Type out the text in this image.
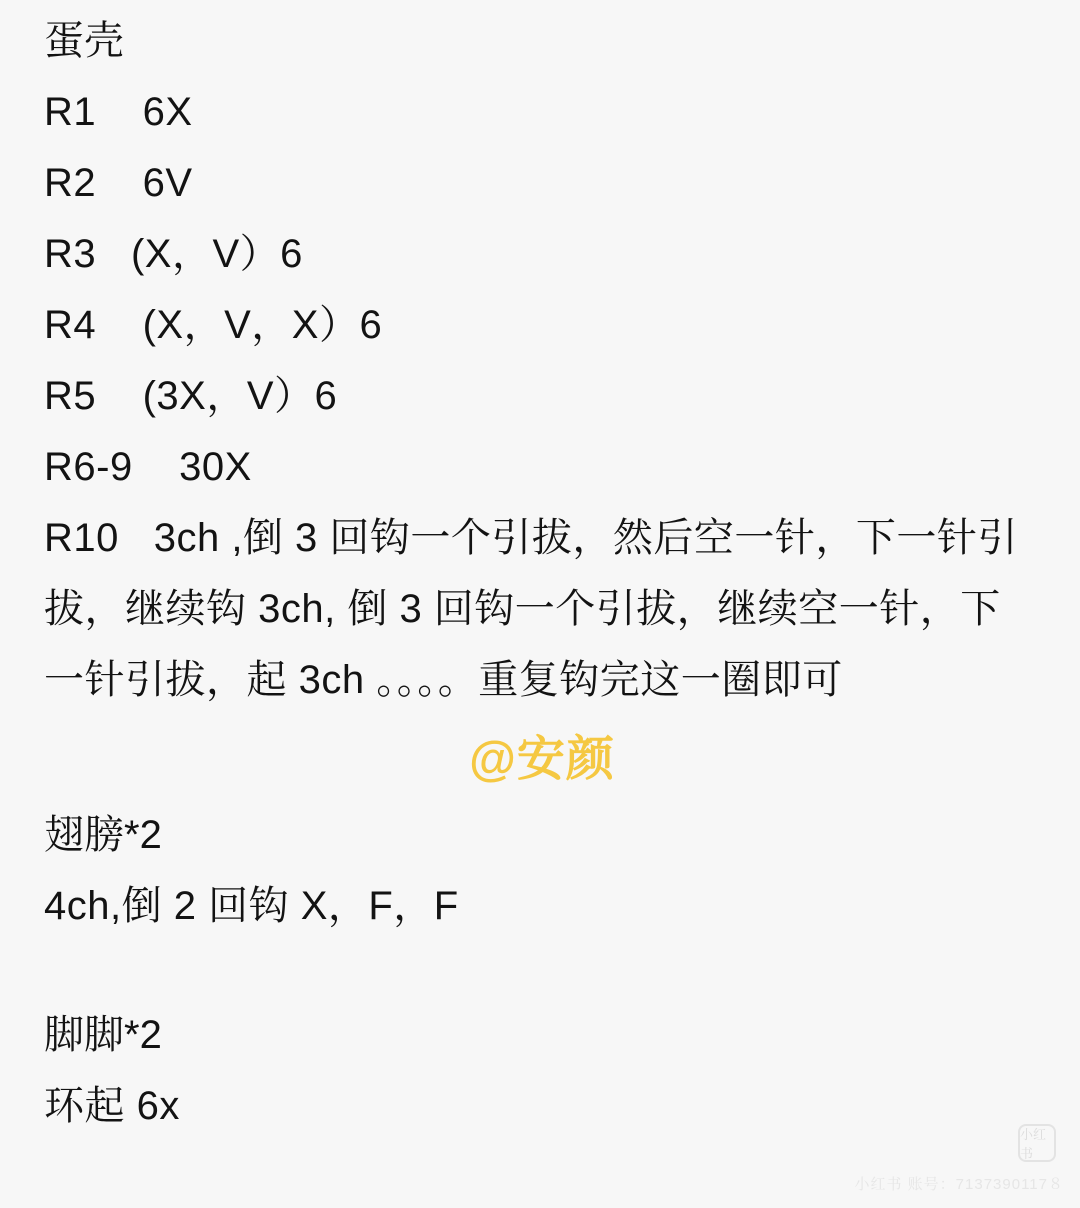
蛋壳
R1    6X
R2    6V
R3   (X，V）6
R4    (X，V，X）6
R5    (3X，V）6
R6-9    30X
R10   3ch ,倒 3 回钩一个引拔，然后空一针，下一针引拔，继续钩 3ch, 倒 3 回钩一个引拔，继续空一针，下一针引拔，起 3ch 。。。。重复钩完这一圈即可
@安颜
翅膀*2
4ch,倒 2 回钩 X，F，F
脚脚*2
环起 6x
小红书
小红书 账号：7137390117８
